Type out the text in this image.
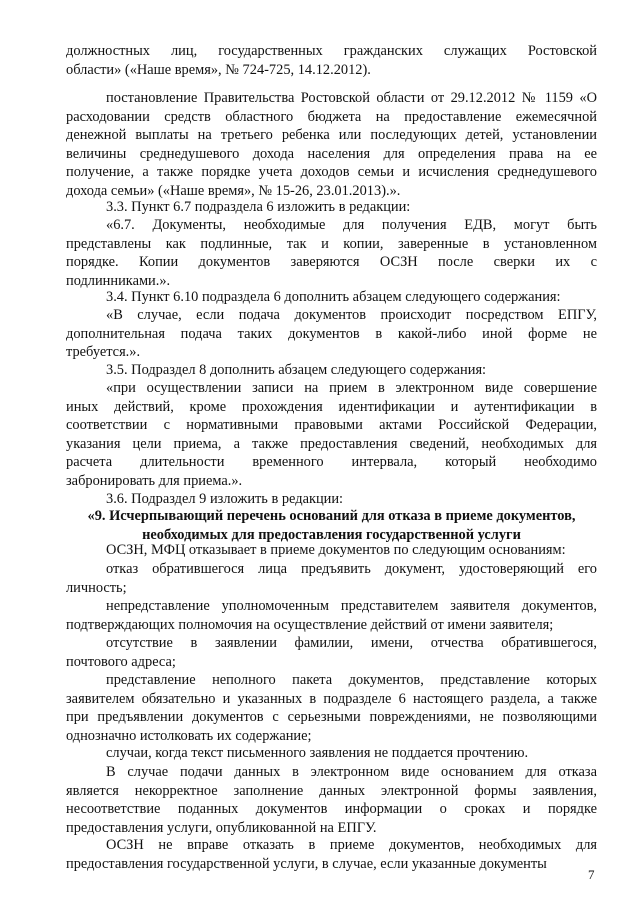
должностных лиц, государственных гражданских служащих Ростовской
области» («Наше время», № 724-725, 14.12.2012).
постановление Правительства Ростовской области от 29.12.2012 № 1159 «О
расходовании средств областного бюджета на предоставление ежемесячной
денежной выплаты на третьего ребенка или последующих детей, установлении
величины среднедушевого дохода населения для определения права на ее
получение, а также порядке учета доходов семьи и исчисления среднедушевого
дохода семьи» («Наше время», № 15-26, 23.01.2013).».
3.3. Пункт 6.7 подраздела 6 изложить в редакции:
«6.7. Документы, необходимые для получения ЕДВ, могут быть
представлены как подлинные, так и копии, заверенные в установленном
порядке. Копии документов заверяются ОСЗН после сверки их с
подлинниками.».
3.4. Пункт 6.10 подраздела 6 дополнить абзацем следующего содержания:
«В случае, если подача документов происходит посредством ЕПГУ,
дополнительная подача таких документов в какой-либо иной форме не
требуется.».
3.5. Подраздел 8 дополнить абзацем следующего содержания:
«при осуществлении записи на прием в электронном виде совершение
иных действий, кроме прохождения идентификации и аутентификации в
соответствии с нормативными правовыми актами Российской Федерации,
указания цели приема, а также предоставления сведений, необходимых для
расчета длительности временного интервала, который необходимо
забронировать для приема.».
3.6. Подраздел 9 изложить в редакции:
«9. Исчерпывающий перечень оснований для отказа в приеме документов,
необходимых для предоставления государственной услуги
ОСЗН, МФЦ отказывает в приеме документов по следующим основаниям:
отказ обратившегося лица предъявить документ, удостоверяющий его
личность;
непредставление уполномоченным представителем заявителя документов,
подтверждающих полномочия на осуществление действий от имени заявителя;
отсутствие в заявлении фамилии, имени, отчества обратившегося,
почтового адреса;
представление неполного пакета документов, представление которых
заявителем обязательно и указанных в подразделе 6 настоящего раздела, а также
при предъявлении документов с серьезными повреждениями, не позволяющими
однозначно истолковать их содержание;
случаи, когда текст письменного заявления не поддается прочтению.
В случае подачи данных в электронном виде основанием для отказа
является некорректное заполнение данных электронной формы заявления,
несоответствие поданных документов информации о сроках и порядке
предоставления услуги, опубликованной на ЕПГУ.
ОСЗН не вправе отказать в приеме документов, необходимых для
предоставления государственной услуги, в случае, если указанные документы
7
